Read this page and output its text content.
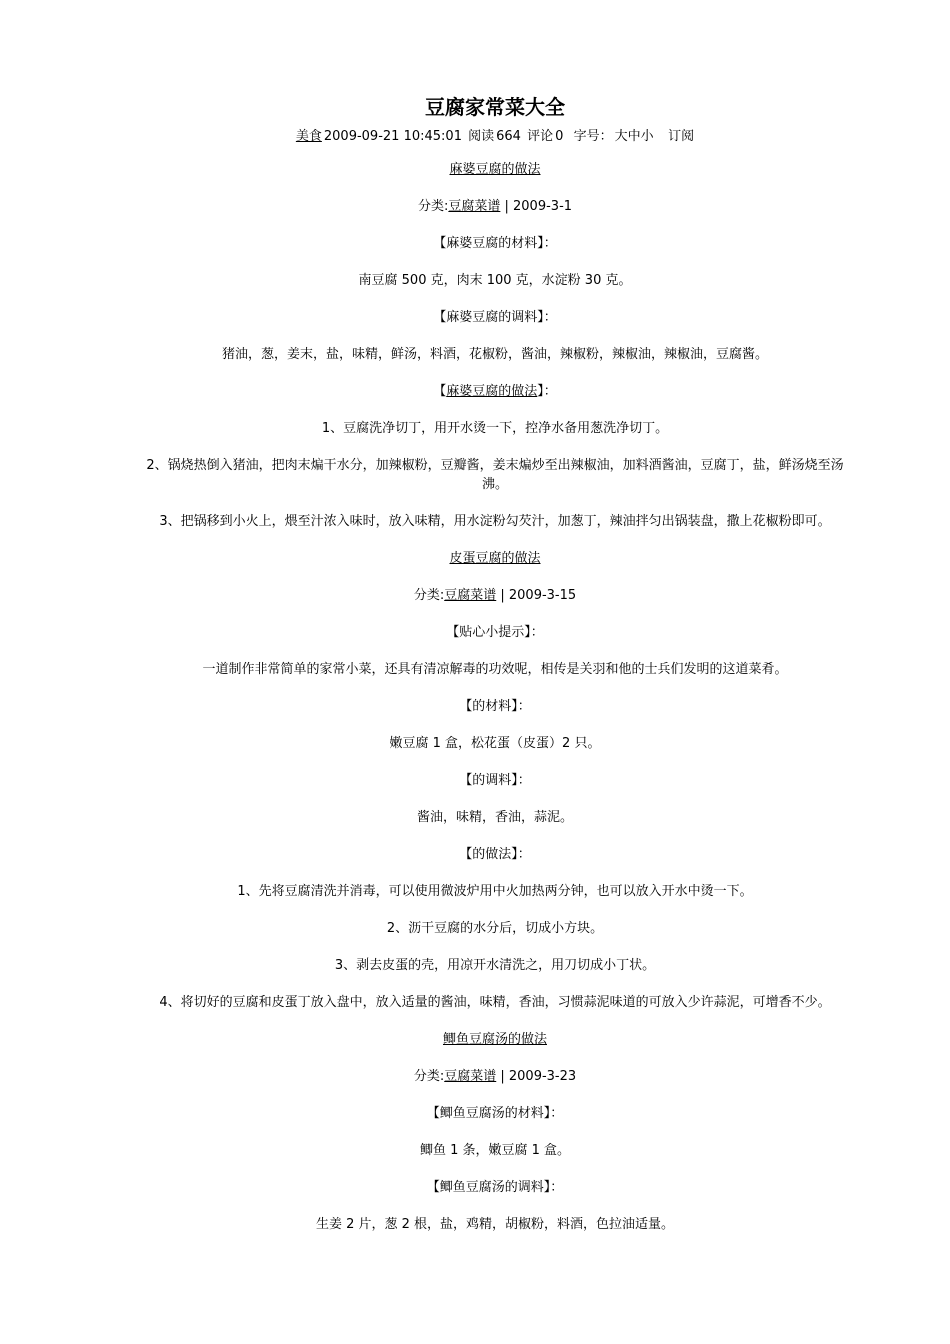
豆腐家常菜大全
美食 2009-09-21 10:45:01 阅读 664 评论 0 字号： 大中小 订阅
麻婆豆腐的做法
分类:豆腐菜谱 | 2009-3-1
【麻婆豆腐的材料】：
南豆腐 500 克，肉末 100 克，水淀粉 30 克。
【麻婆豆腐的调料】：
猪油，葱，姜末，盐，味精，鲜汤，料酒，花椒粉，酱油，辣椒粉，辣椒油，辣椒油，豆腐酱。
【麻婆豆腐的做法】：
1、豆腐洗净切丁，用开水烫一下，控净水备用葱洗净切丁。
2、锅烧热倒入猪油，把肉末煸干水分，加辣椒粉，豆瓣酱，姜末煸炒至出辣椒油，加料酒酱油，豆腐丁，盐，鲜汤烧至汤沸。
3、把锅移到小火上，煨至汁浓入味时，放入味精，用水淀粉勾芡汁，加葱丁，辣油拌匀出锅装盘，撒上花椒粉即可。
皮蛋豆腐的做法
分类:豆腐菜谱 | 2009-3-15
【贴心小提示】：
一道制作非常简单的家常小菜，还具有清凉解毒的功效呢，相传是关羽和他的士兵们发明的这道菜肴。
【的材料】：
嫩豆腐 1 盒，松花蛋（皮蛋）2 只。
【的调料】：
酱油，味精，香油，蒜泥。
【的做法】：
1、先将豆腐清洗并消毒，可以使用微波炉用中火加热两分钟，也可以放入开水中烫一下。
2、沥干豆腐的水分后，切成小方块。
3、剥去皮蛋的壳，用凉开水清洗之，用刀切成小丁状。
4、将切好的豆腐和皮蛋丁放入盘中，放入适量的酱油，味精，香油，习惯蒜泥味道的可放入少许蒜泥，可增香不少。
鲫鱼豆腐汤的做法
分类:豆腐菜谱 | 2009-3-23
【鲫鱼豆腐汤的材料】：
鲫鱼 1 条，嫩豆腐 1 盒。
【鲫鱼豆腐汤的调料】：
生姜 2 片，葱 2 根，盐，鸡精，胡椒粉，料酒，色拉油适量。
